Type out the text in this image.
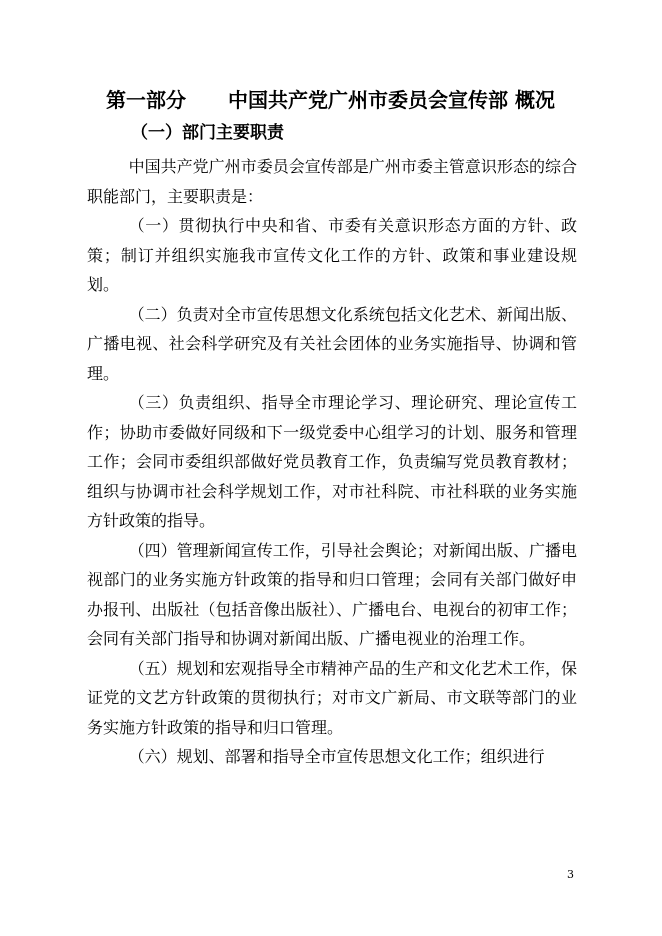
第一部分 中国共产党广州市委员会宣传部 概况
（一）部门主要职责

中国共产党广州市委员会宣传部是广州市委主管意识形态的综合职能部门，主要职责是：

（一）贯彻执行中央和省、市委有关意识形态方面的方针、政策；制订并组织实施我市宣传文化工作的方针、政策和事业建设规划。

（二）负责对全市宣传思想文化系统包括文化艺术、新闻出版、广播电视、社会科学研究及有关社会团体的业务实施指导、协调和管理。

（三）负责组织、指导全市理论学习、理论研究、理论宣传工作；协助市委做好同级和下一级党委中心组学习的计划、服务和管理工作；会同市委组织部做好党员教育工作，负责编写党员教育教材；组织与协调市社会科学规划工作，对市社科院、市社科联的业务实施方针政策的指导。

（四）管理新闻宣传工作，引导社会舆论；对新闻出版、广播电视部门的业务实施方针政策的指导和归口管理；会同有关部门做好申办报刊、出版社（包括音像出版社）、广播电台、电视台的初审工作；会同有关部门指导和协调对新闻出版、广播电视业的治理工作。

（五）规划和宏观指导全市精神产品的生产和文化艺术工作，保证党的文艺方针政策的贯彻执行；对市文广新局、市文联等部门的业务实施方针政策的指导和归口管理。

（六）规划、部署和指导全市宣传思想文化工作；组织进行

3
